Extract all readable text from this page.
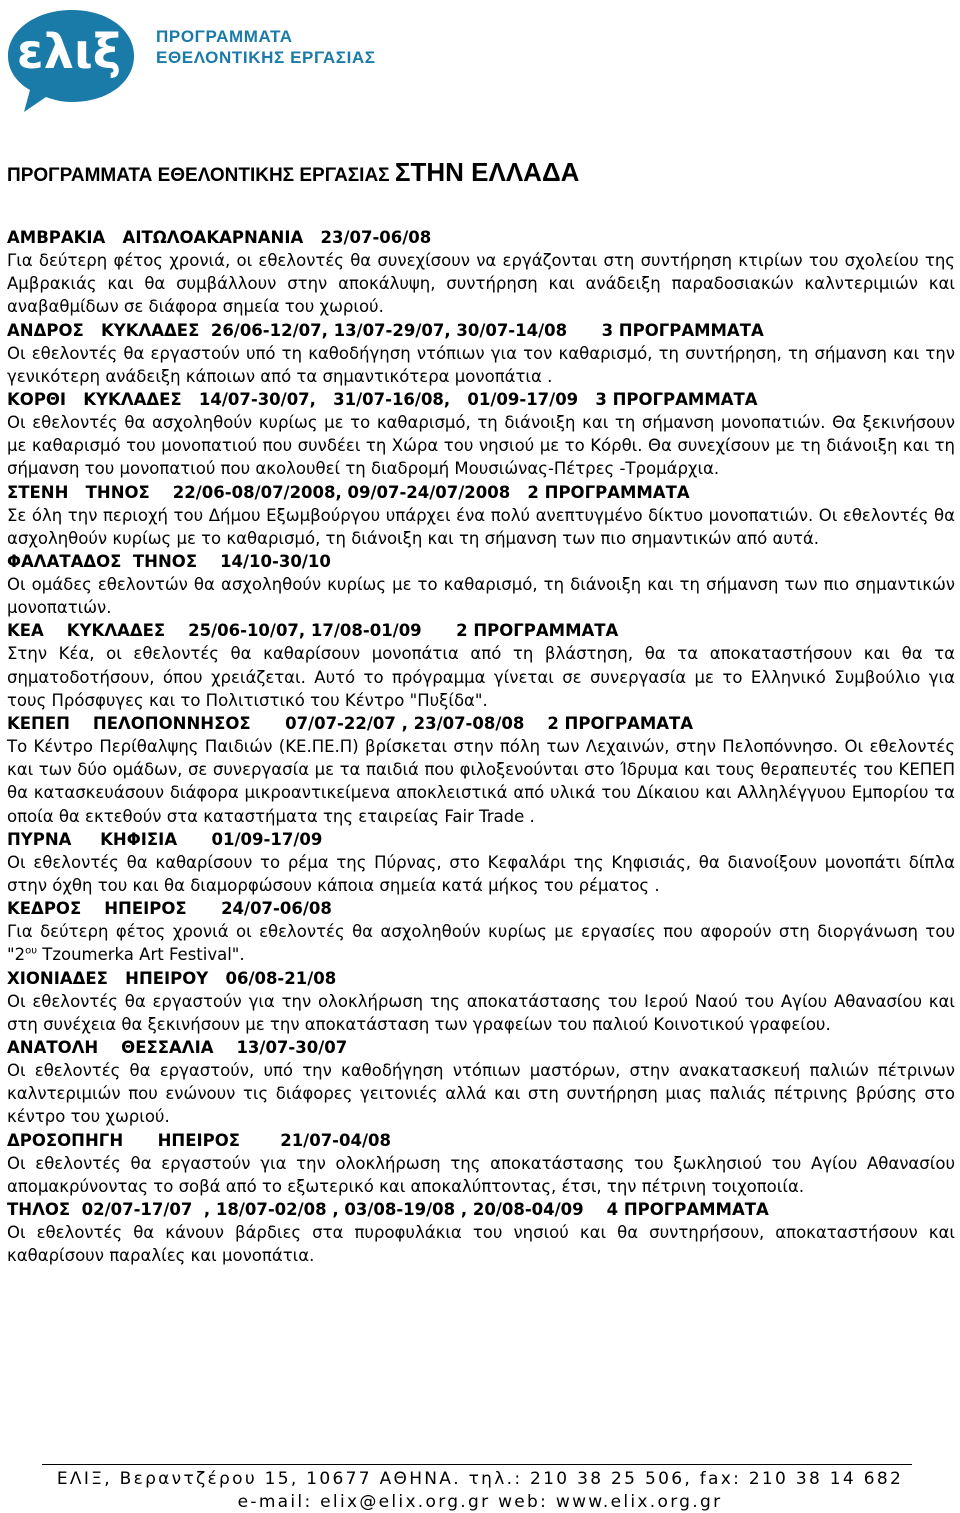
ελιξ ΠΡΟΓΡΑΜΜΑΤΑ
ΕΘΕΛΟΝΤΙΚΗΣ ΕΡΓΑΣΙΑΣ
ΠΡΟΓΡΑΜΜΑΤΑ ΕΘΕΛΟΝΤΙΚΗΣ ΕΡΓΑΣΙΑΣ ΣΤΗΝ ΕΛΛΑΔΑ

ΑΜΒΡΑΚΙΑ   ΑΙΤΩΛΟΑΚΑΡΝΑΝΙΑ   23/07-06/08

Για δεύτερη φέτος χρονιά, οι εθελοντές θα συνεχίσουν να εργάζονται στη συντήρηση κτιρίων του σχολείου της Αμβρακιάς και θα συμβάλλουν στην αποκάλυψη, συντήρηση και ανάδειξη παραδοσιακών καλντεριμιών και αναβαθμίδων σε διάφορα σημεία του χωριού.

ΑΝΔΡΟΣ   ΚΥΚΛΑΔΕΣ  26/06-12/07, 13/07-29/07, 30/07-14/08      3 ΠΡΟΓΡΑΜΜΑΤΑ

Οι εθελοντές θα εργαστούν υπό τη καθοδήγηση ντόπιων για τον καθαρισμό, τη συντήρηση, τη σήμανση και την γενικότερη ανάδειξη κάποιων από τα σημαντικότερα μονοπάτια .

ΚΟΡΘΙ   ΚΥΚΛΑΔΕΣ   14/07-30/07,   31/07-16/08,   01/09-17/09   3 ΠΡΟΓΡΑΜΜΑΤΑ

Οι εθελοντές θα ασχοληθούν κυρίως με το καθαρισμό, τη διάνοιξη και τη σήμανση μονοπατιών. Θα ξεκινήσουν με καθαρισμό του μονοπατιού που συνδέει τη Χώρα του νησιού με το Κόρθι. Θα συνεχίσουν με τη διάνοιξη και τη σήμανση του μονοπατιού που ακολουθεί τη διαδρομή Μουσιώνας-Πέτρες -Τρομάρχια.

ΣΤΕΝΗ   ΤΗΝΟΣ    22/06-08/07/2008, 09/07-24/07/2008   2 ΠΡΟΓΡΑΜΜΑΤΑ

Σε όλη την περιοχή του Δήμου Εξωμβούργου υπάρχει ένα πολύ ανεπτυγμένο δίκτυο μονοπατιών. Οι εθελοντές θα ασχοληθούν κυρίως με το καθαρισμό, τη διάνοιξη και τη σήμανση των πιο σημαντικών από αυτά.

ΦΑΛΑΤΑΔΟΣ  ΤΗΝΟΣ    14/10-30/10

Οι ομάδες εθελοντών θα ασχοληθούν κυρίως με το καθαρισμό, τη διάνοιξη και τη σήμανση των πιο σημαντικών μονοπατιών.

ΚΕΑ    ΚΥΚΛΑΔΕΣ    25/06-10/07, 17/08-01/09      2 ΠΡΟΓΡΑΜΜΑΤΑ

Στην Κέα, οι εθελοντές θα καθαρίσουν μονοπάτια από τη βλάστηση, θα τα αποκαταστήσουν και θα τα σηματοδοτήσουν, όπου χρειάζεται. Αυτό το πρόγραμμα γίνεται σε συνεργασία με το Ελληνικό Συμβούλιο για τους Πρόσφυγες και το Πολιτιστικό του Κέντρο "Πυξίδα".

ΚΕΠΕΠ    ΠΕΛΟΠΟΝΝΗΣΟΣ      07/07-22/07 , 23/07-08/08    2 ΠΡΟΓΡΑΜΑΤΑ

Το Κέντρο Περίθαλψης Παιδιών (ΚΕ.ΠΕ.Π) βρίσκεται στην πόλη των Λεχαινών, στην Πελοπόννησο. Οι εθελοντές και των δύο ομάδων, σε συνεργασία με τα παιδιά που φιλοξενούνται στο Ίδρυμα και τους θεραπευτές του ΚΕΠΕΠ θα κατασκευάσουν διάφορα μικροαντικείμενα αποκλειστικά από υλικά του Δίκαιου και Αλληλέγγυου Εμπορίου τα οποία θα εκτεθούν στα καταστήματα της εταιρείας Fair Trade .

ΠΥΡΝΑ     ΚΗΦΙΣΙΑ      01/09-17/09

Οι εθελοντές θα καθαρίσουν το ρέμα της Πύρνας, στο Κεφαλάρι της Κηφισιάς, θα διανοίξουν μονοπάτι δίπλα στην όχθη του και θα διαμορφώσουν κάποια σημεία κατά μήκος του ρέματος .

ΚΕΔΡΟΣ    ΗΠΕΙΡΟΣ      24/07-06/08

Για δεύτερη φέτος χρονιά οι εθελοντές θα ασχοληθούν κυρίως με εργασίες που αφορούν στη διοργάνωση του "$2^{o\upsilon}$ Tzoumerka Art Festival".

ΧΙΟΝΙΑΔΕΣ   ΗΠΕΙΡΟΥ   06/08-21/08

Οι εθελοντές θα εργαστούν για την ολοκλήρωση της αποκατάστασης του Ιερού Ναού του Αγίου Αθανασίου και στη συνέχεια θα ξεκινήσουν με την αποκατάσταση των γραφείων του παλιού Κοινοτικού γραφείου.

ΑΝΑΤΟΛΗ    ΘΕΣΣΑΛΙΑ    13/07-30/07

Οι εθελοντές θα εργαστούν, υπό την καθοδήγηση ντόπιων μαστόρων, στην ανακατασκευή παλιών πέτρινων καλντεριμιών που ενώνουν τις διάφορες γειτονιές αλλά και στη συντήρηση μιας παλιάς πέτρινης βρύσης στο κέντρο του χωριού.

ΔΡΟΣΟΠΗΓΗ      ΗΠΕΙΡΟΣ       21/07-04/08

Οι εθελοντές θα εργαστούν για την ολοκλήρωση της αποκατάστασης του ξωκλησιού του Αγίου Αθανασίου απομακρύνοντας το σοβά από το εξωτερικό και αποκαλύπτοντας, έτσι, την πέτρινη τοιχοποιία.

ΤΗΛΟΣ  02/07-17/07  , 18/07-02/08 , 03/08-19/08 , 20/08-04/09    4 ΠΡΟΓΡΑΜΜΑΤΑ

Οι εθελοντές θα κάνουν βάρδιες στα πυροφυλάκια του νησιού και θα συντηρήσουν, αποκαταστήσουν και καθαρίσουν παραλίες και μονοπάτια.

ΕΛΙΞ, Βεραντζέρου 15, 10677 ΑΘΗΝΑ. τηλ.: 210 38 25 506, fax: 210 38 14 682
e-mail: elix@elix.org.gr web: www.elix.org.gr
